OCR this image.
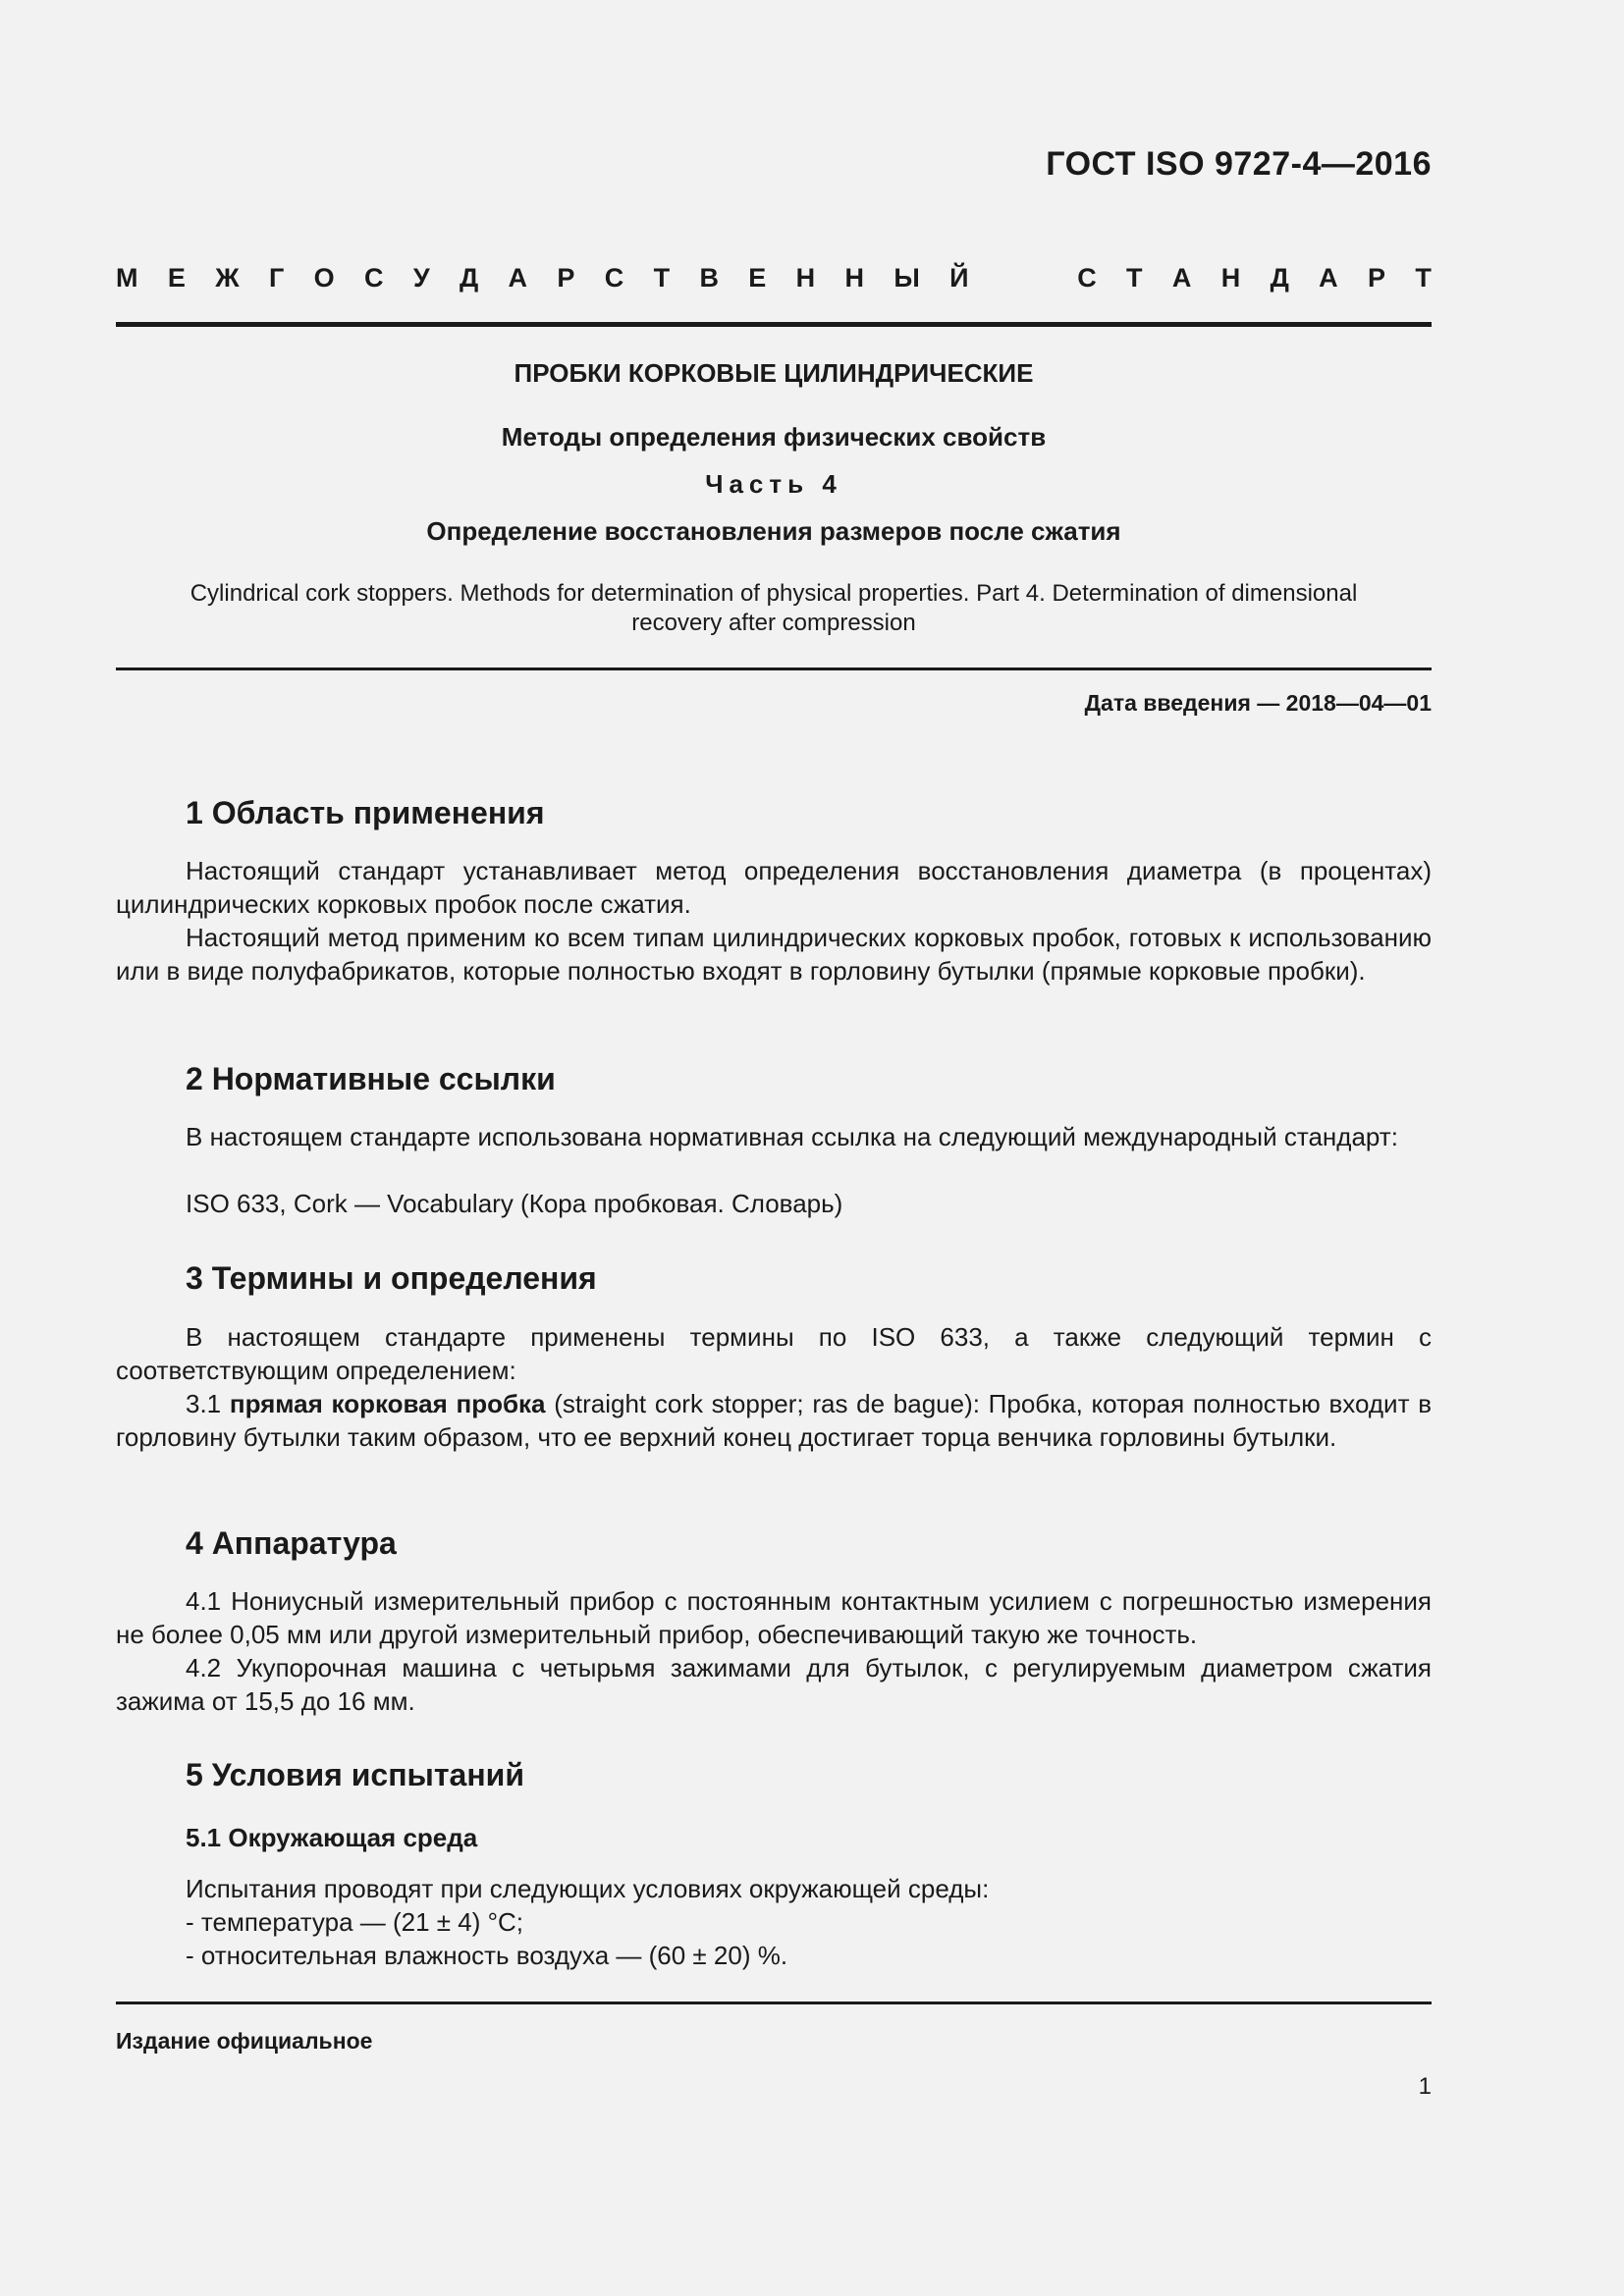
ГОСТ ISO 9727-4—2016
М Е Ж Г О С У Д А Р С Т В Е Н Н Ы Й	С Т А Н Д А Р Т
ПРОБКИ КОРКОВЫЕ ЦИЛИНДРИЧЕСКИЕ
Методы определения физических свойств
Часть 4
Определение восстановления размеров после сжатия
Cylindrical cork stoppers. Methods for determination of physical properties. Part 4. Determination of dimensional
recovery after compression
Дата введения — 2018—04—01
1 Область применения
Настоящий стандарт устанавливает метод определения восстановления диаметра (в процентах) цилиндрических корковых пробок после сжатия.
Настоящий метод применим ко всем типам цилиндрических корковых пробок, готовых к использованию или в виде полуфабрикатов, которые полностью входят в горловину бутылки (прямые корковые пробки).
2 Нормативные ссылки
В настоящем стандарте использована нормативная ссылка на следующий международный стандарт:
ISO 633, Cork — Vocabulary (Кора пробковая. Словарь)
3 Термины и определения
В настоящем стандарте применены термины по ISO 633, а также следующий термин с соответствующим определением:
3.1 прямая корковая пробка (straight cork stopper; ras de bague): Пробка, которая полностью входит в горловину бутылки таким образом, что ее верхний конец достигает торца венчика горловины бутылки.
4 Аппаратура
4.1 Нониусный измерительный прибор с постоянным контактным усилием с погрешностью измерения не более 0,05 мм или другой измерительный прибор, обеспечивающий такую же точность.
4.2 Укупорочная машина с четырьмя зажимами для бутылок, с регулируемым диаметром сжатия зажима от 15,5 до 16 мм.
5 Условия испытаний
5.1 Окружающая среда
Испытания проводят при следующих условиях окружающей среды:
- температура — (21 ± 4) °C;
- относительная влажность воздуха — (60 ± 20) %.
Издание официальное
1
